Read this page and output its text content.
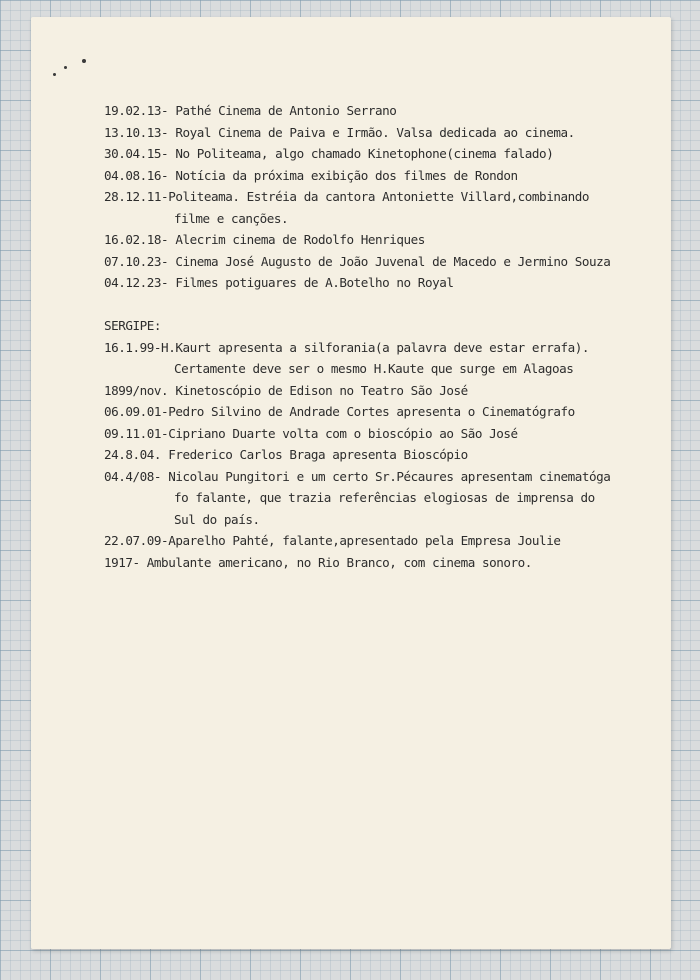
19.02.13- Pathé Cinema de Antonio Serrano
13.10.13- Royal Cinema de Paiva e Irmão. Valsa dedicada ao cinema.
30.04.15- No Politeama, algo chamado Kinetophone(cinema falado)
04.08.16- Notícia da próxima exibição dos filmes de Rondon
28.12.11-Politeama. Estréia da cantora Antoniette Villard,combinando
filme e canções.
16.02.18- Alecrim cinema de Rodolfo Henriques
07.10.23- Cinema José Augusto de João Juvenal de Macedo e Jermino Souza
04.12.23- Filmes potiguares de A.Botelho no Royal
SERGIPE:
16.1.99-H.Kaurt apresenta a silforania(a palavra deve estar errafa).
Certamente deve ser o mesmo H.Kaute que surge em Alagoas
1899/nov. Kinetoscópio de Edison no Teatro São José
06.09.01-Pedro Silvino de Andrade Cortes apresenta o Cinematógrafo
09.11.01-Cipriano Duarte volta com o bioscópio ao São José
24.8.04. Frederico Carlos Braga apresenta Bioscópio
04.4/08- Nicolau Pungitori e um certo Sr.Pécaures apresentam cinematóga
fo falante, que trazia referências elogiosas de imprensa do
Sul do país.
22.07.09-Aparelho Pahté, falante,apresentado pela Empresa Joulie
1917- Ambulante americano, no Rio Branco, com cinema sonoro.
